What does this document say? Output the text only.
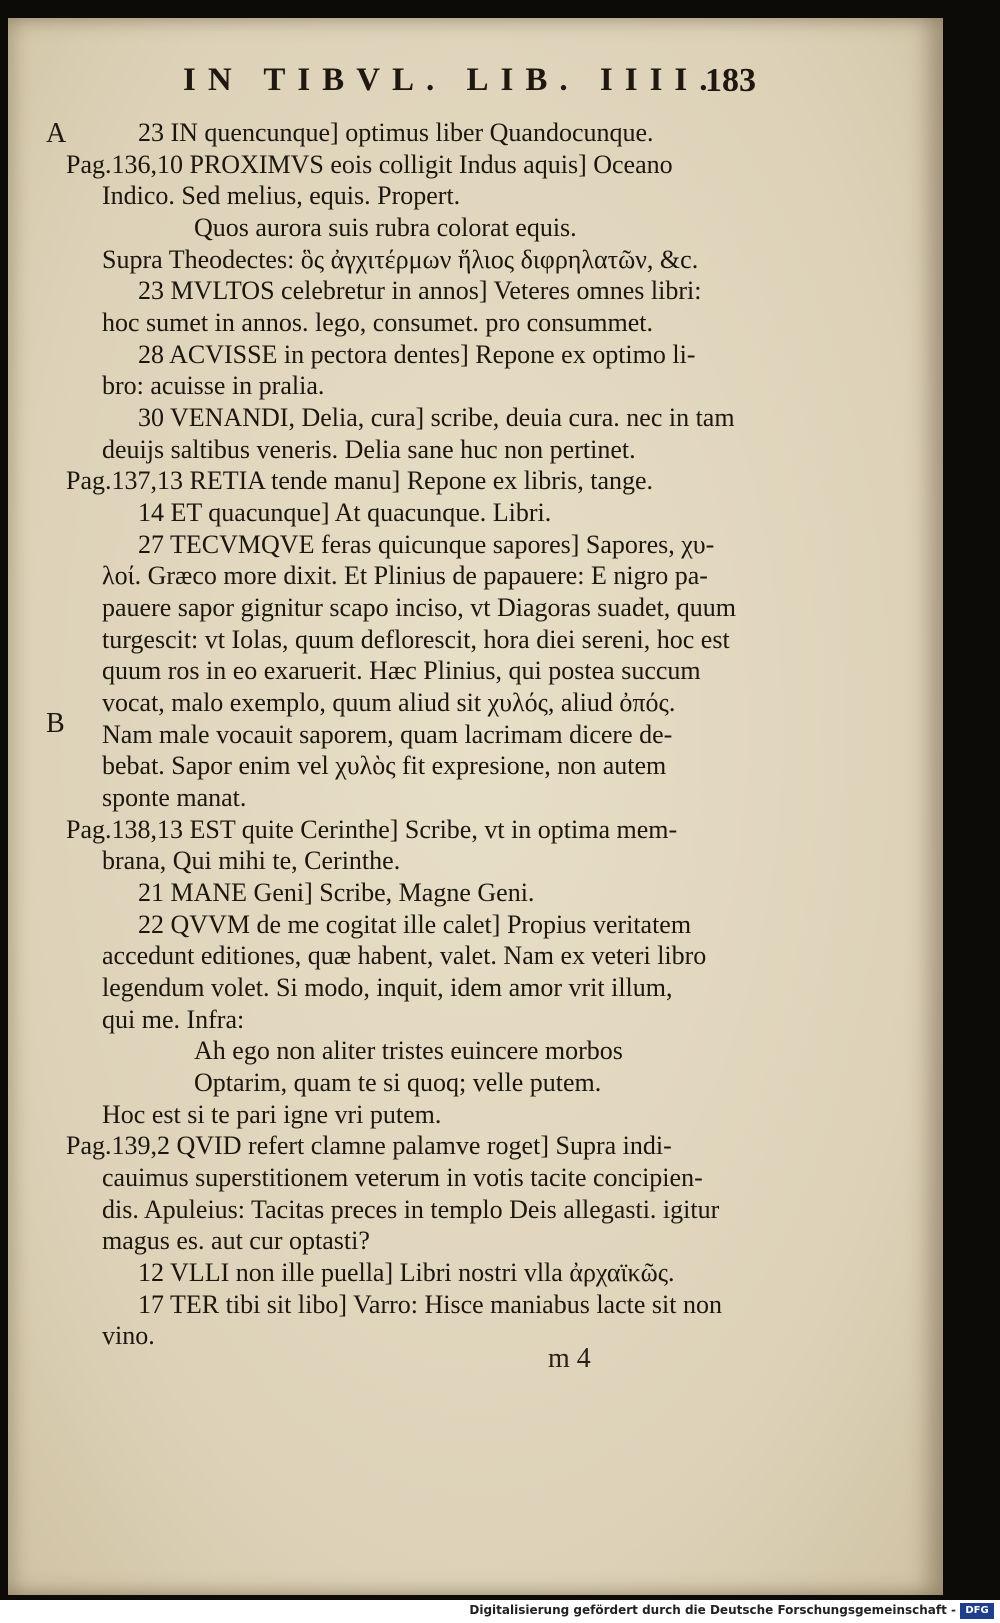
IN TIBVL. LIB. IIII.
183
A
B
23 IN quencunque] optimus liber Quandocunque.
Pag.136,10 PROXIMVS eois colligit Indus aquis] Oceano
Indico. Sed melius, equis. Propert.
Quos aurora suis rubra colorat equis.
Supra Theodectes: ὃς ἀγχιτέρμων ἥλιος διφρηλατῶν, &c.
23 MVLTOS celebretur in annos] Veteres omnes libri:
hoc sumet in annos. lego, consumet. pro consummet.
28 ACVISSE in pectora dentes] Repone ex optimo li-
bro: acuisse in pralia.
30 VENANDI, Delia, cura] scribe, deuia cura. nec in tam
deuijs saltibus veneris. Delia sane huc non pertinet.
Pag.137,13 RETIA tende manu] Repone ex libris, tange.
14 ET quacunque] At quacunque. Libri.
27 TECVMQVE feras quicunque sapores] Sapores, χυ-
λοί. Græco more dixit. Et Plinius de papauere: E nigro pa-
pauere sapor gignitur scapo inciso, vt Diagoras suadet, quum
turgescit: vt Iolas, quum deflorescit, hora diei sereni, hoc est
quum ros in eo exaruerit. Hæc Plinius, qui postea succum
vocat, malo exemplo, quum aliud sit χυλός, aliud ὀπός.
Nam male vocauit saporem, quam lacrimam dicere de-
bebat. Sapor enim vel χυλὸς fit expresione, non autem
sponte manat.
Pag.138,13 EST quite Cerinthe] Scribe, vt in optima mem-
brana, Qui mihi te, Cerinthe.
21 MANE Geni] Scribe, Magne Geni.
22 QVVM de me cogitat ille calet] Propius veritatem
accedunt editiones, quæ habent, valet. Nam ex veteri libro
legendum volet. Si modo, inquit, idem amor vrit illum,
qui me. Infra:
Ah ego non aliter tristes euincere morbos
Optarim, quam te si quoq; velle putem.
Hoc est si te pari igne vri putem.
Pag.139,2 QVID refert clamne palamve roget] Supra indi-
cauimus superstitionem veterum in votis tacite concipien-
dis. Apuleius: Tacitas preces in templo Deis allegasti. igitur
magus es. aut cur optasti?
12 VLLI non ille puella] Libri nostri vlla ἀρχαϊκῶς.
17 TER tibi sit libo] Varro: Hisce maniabus lacte sit non
vino.
m 4
Digitalisierung gefördert durch die Deutsche Forschungsgemeinschaft - DFG
